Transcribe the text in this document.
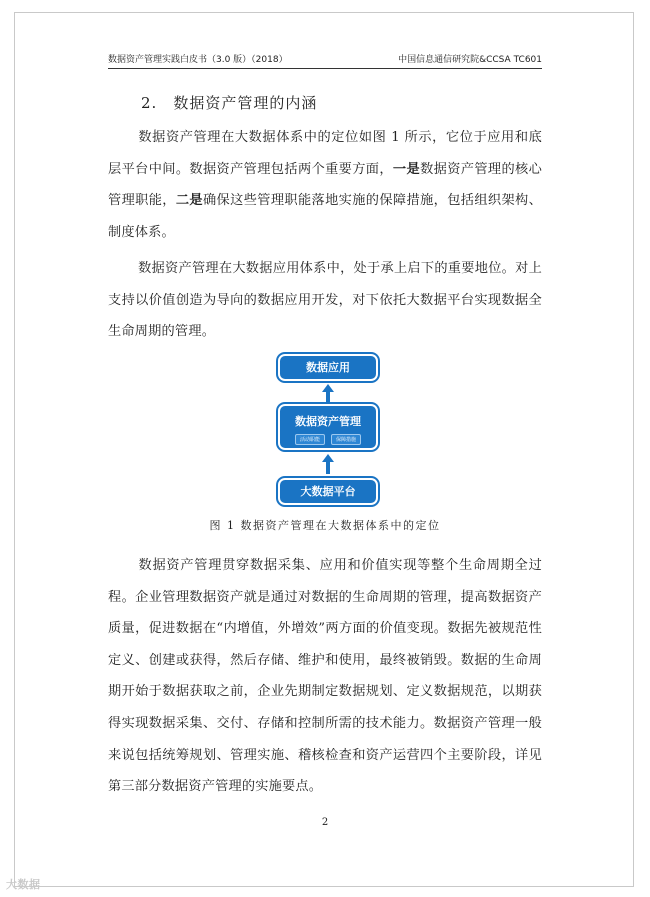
数据资产管理实践白皮书（3.0 版）（2018）	中国信息通信研究院&CCSA TC601
2. 数据资产管理的内涵
数据资产管理在大数据体系中的定位如图 1 所示，它位于应用和底层平台中间。数据资产管理包括两个重要方面，一是数据资产管理的核心管理职能，二是确保这些管理职能落地实施的保障措施，包括组织架构、制度体系。
数据资产管理在大数据应用体系中，处于承上启下的重要地位。对上支持以价值创造为导向的数据应用开发，对下依托大数据平台实现数据全生命周期的管理。
数据应用
数据资产管理
活动职能	保障措施
大数据平台
图 1 数据资产管理在大数据体系中的定位
数据资产管理贯穿数据采集、应用和价值实现等整个生命周期全过程。企业管理数据资产就是通过对数据的生命周期的管理，提高数据资产质量，促进数据在“内增值，外增效”两方面的价值变现。数据先被规范性定义、创建或获得，然后存储、维护和使用，最终被销毁。数据的生命周期开始于数据获取之前，企业先期制定数据规划、定义数据规范，以期获得实现数据采集、交付、存储和控制所需的技术能力。数据资产管理一般来说包括统筹规划、管理实施、稽核检查和资产运营四个主要阶段，详见第三部分数据资产管理的实施要点。
2
大数据
